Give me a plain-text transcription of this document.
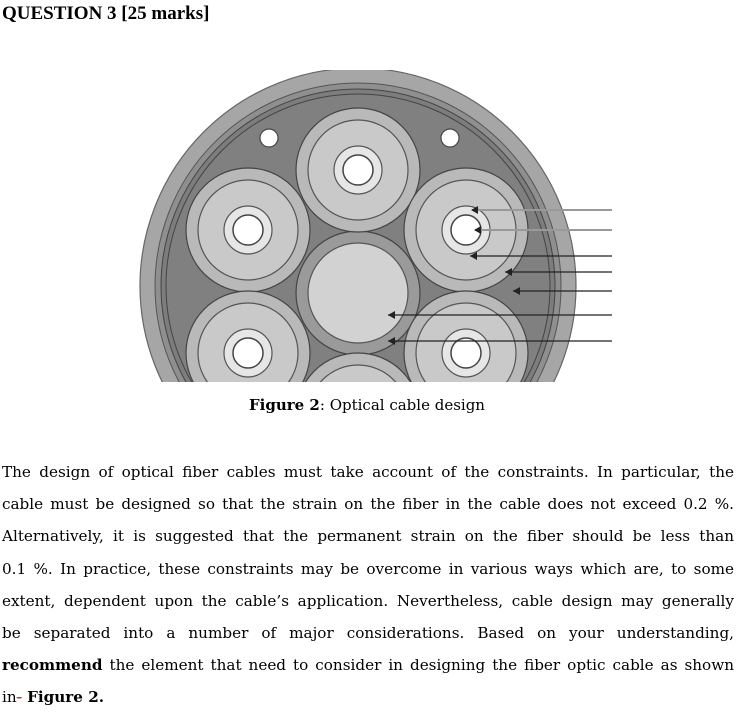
QUESTION 3 [25 marks]
Figure 2: Optical cable design
The design of optical fiber cables must take account of the constraints. In particular, the
cable must be designed so that the strain on the fiber in the cable does not exceed 0.2 %.
Alternatively, it is suggested that the permanent strain on the fiber should be less than
0.1 %. In practice, these constraints may be overcome in various ways which are, to some
extent, dependent upon the cable’s application. Nevertheless, cable design may generally
be separated into a number of major considerations. Based on your understanding,
recommend the element that need to consider in designing the fiber optic cable as shown
in- Figure 2.
